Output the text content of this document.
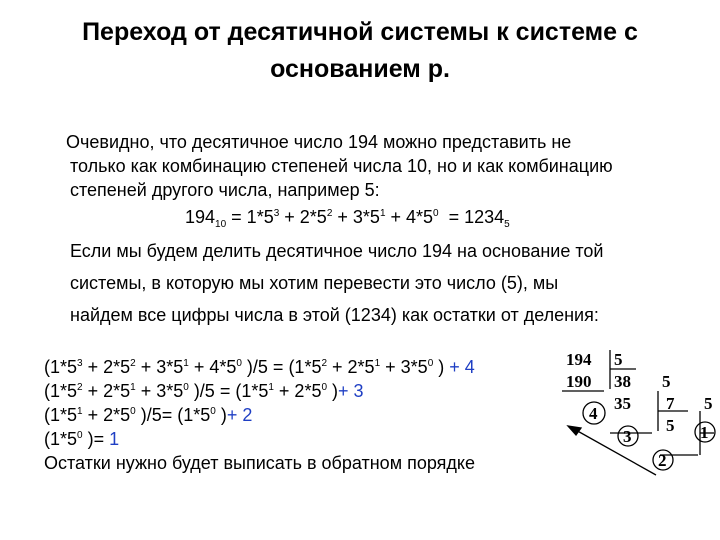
Переход от десятичной системы к системе с основанием p.
Очевидно, что десятичное число 194 можно представить не
только как комбинацию степеней числа 10, но и как комбинацию
степеней другого числа, например 5:
$194_{10} = 1*5^3 + 2*5^2 + 3*5^1 + 4*5^0 = 1234_5$
Если мы будем делить десятичное число 194 на основание той
системы, в которую мы хотим перевести это число (5), мы
найдем все цифры числа в этой (1234) как остатки от деления:
($1*5^3 + 2*5^2 + 3*5^1 + 4*5^0$ )$/5 = (1*5^2 + 2*5^1 + 3*5^0$ ) + 4
($1*5^2 + 2*5^1 + 3*5^0$ )$/5 = (1*5^1 + 2*5^0$ )+ 3
($1*5^1 + 2*5^0$ )$/5= (1*5^0$ )+ 2
($1*5^0$ )= 1
Остатки нужно будет выписать в обратном порядке
194 5
190 38 5
4
35 7 5
3
5 1
2
